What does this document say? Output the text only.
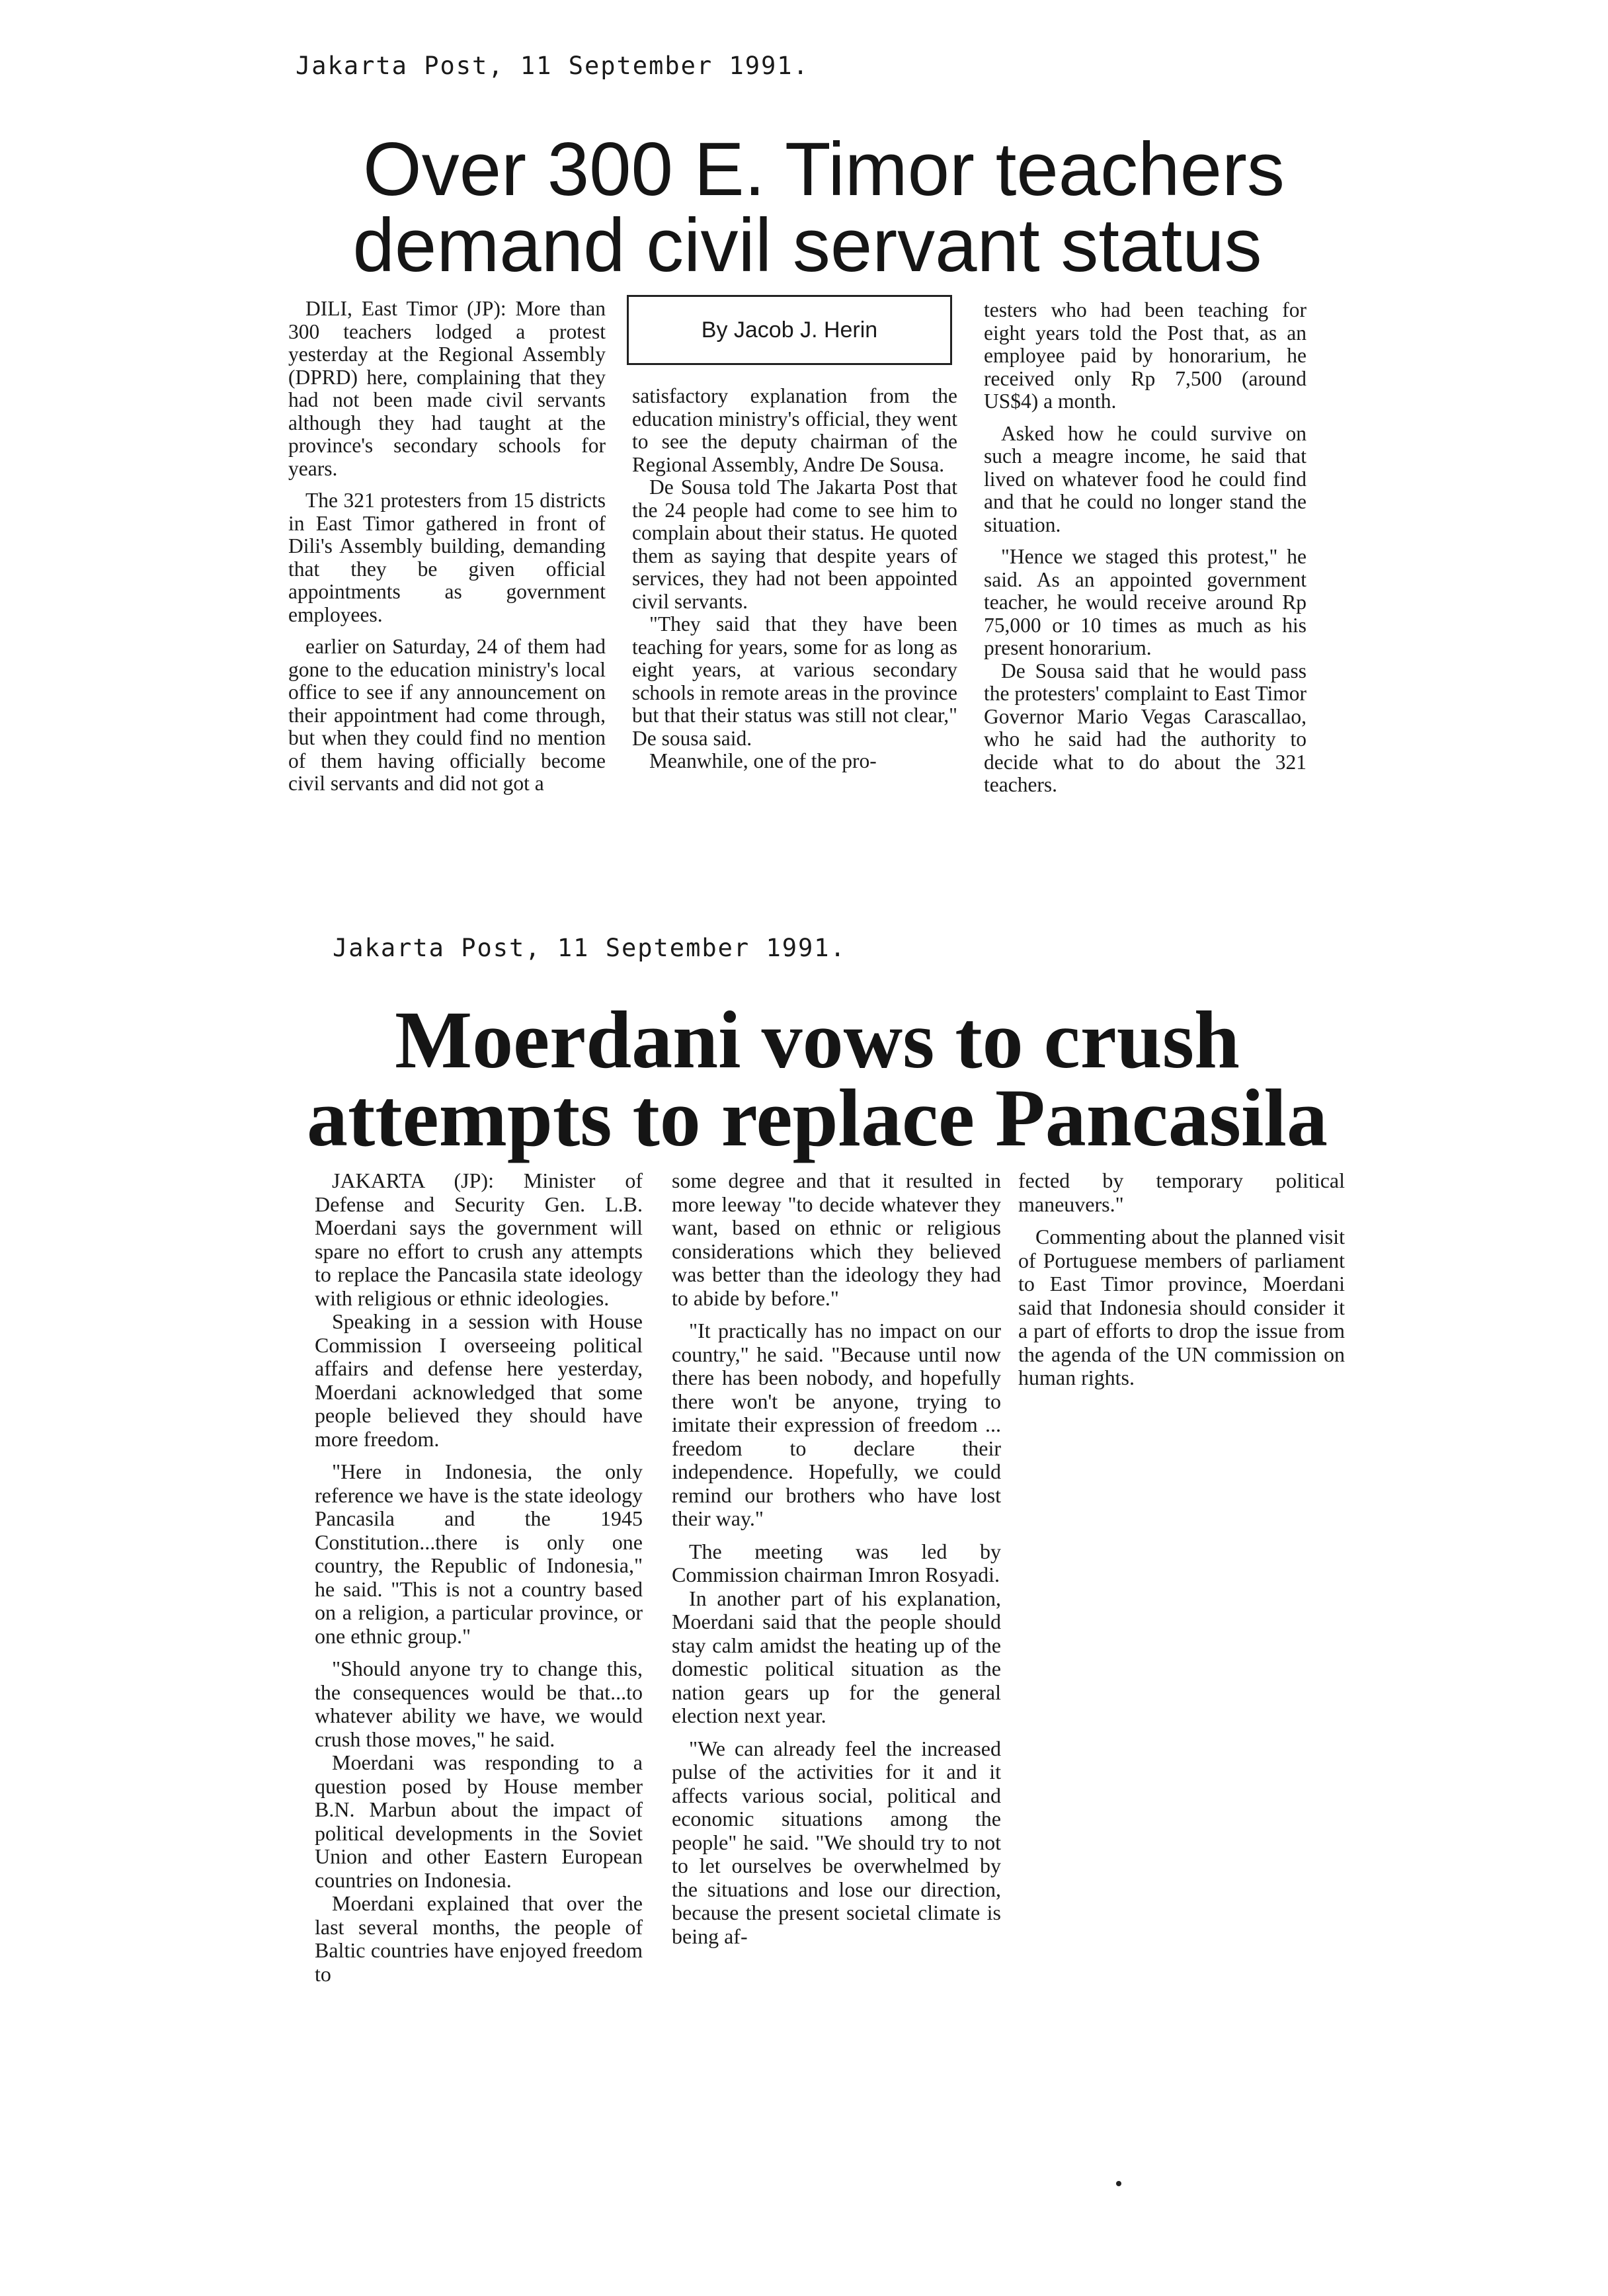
Jakarta Post, 11 September 1991.
Over 300 E. Timor teachers
demand civil servant status

DILI, East Timor (JP): More than 300 teachers lodged a protest yesterday at the Regional Assembly (DPRD) here, complaining that they had not been made civil servants although they had taught at the province's secondary schools for years.

The 321 protesters from 15 districts in East Timor gathered in front of Dili's Assembly building, demanding that they be given official appointments as government employees.

earlier on Saturday, 24 of them had gone to the education ministry's local office to see if any announcement on their appointment had come through, but when they could find no mention of them having officially become civil servants and did not got a

By Jacob J. Herin

satisfactory explanation from the education ministry's official, they went to see the deputy chairman of the Regional Assembly, Andre De Sousa.

De Sousa told The Jakarta Post that the 24 people had come to see him to complain about their status. He quoted them as saying that despite years of services, they had not been appointed civil servants.

"They said that they have been teaching for years, some for as long as eight years, at various secondary schools in remote areas in the province but that their status was still not clear," De sousa said.

Meanwhile, one of the pro-

testers who had been teaching for eight years told the Post that, as an employee paid by honorarium, he received only Rp 7,500 (around US$4) a month.

Asked how he could survive on such a meagre income, he said that lived on whatever food he could find and that he could no longer stand the situation.

"Hence we staged this protest," he said. As an appointed government teacher, he would receive around Rp 75,000 or 10 times as much as his present honorarium.

De Sousa said that he would pass the protesters' complaint to East Timor Governor Mario Vegas Carascallao, who he said had the authority to decide what to do about the 321 teachers.

Jakarta Post, 11 September 1991.
Moerdani vows to crush
attempts to replace Pancasila

JAKARTA (JP): Minister of Defense and Security Gen. L.B. Moerdani says the government will spare no effort to crush any attempts to replace the Pancasila state ideology with religious or ethnic ideologies.

Speaking in a session with House Commission I overseeing political affairs and defense here yesterday, Moerdani acknowledged that some people believed they should have more freedom.

"Here in Indonesia, the only reference we have is the state ideology Pancasila and the 1945 Constitution...there is only one country, the Republic of Indonesia," he said. "This is not a country based on a religion, a particular province, or one ethnic group."

"Should anyone try to change this, the consequences would be that...to whatever ability we have, we would crush those moves," he said.

Moerdani was responding to a question posed by House member B.N. Marbun about the impact of political developments in the Soviet Union and other Eastern European countries on Indonesia.

Moerdani explained that over the last several months, the people of Baltic countries have enjoyed freedom to

some degree and that it resulted in more leeway "to decide whatever they want, based on ethnic or religious considerations which they believed was better than the ideology they had to abide by before."

"It practically has no impact on our country," he said. "Because until now there has been nobody, and hopefully there won't be anyone, trying to imitate their expression of freedom ... freedom to declare their independence. Hopefully, we could remind our brothers who have lost their way."

The meeting was led by Commission chairman Imron Rosyadi.

In another part of his explanation, Moerdani said that the people should stay calm amidst the heating up of the domestic political situation as the nation gears up for the general election next year.

"We can already feel the increased pulse of the activities for it and it affects various social, political and economic situations among the people" he said. "We should try to not to let ourselves be overwhelmed by the situations and lose our direction, because the present societal climate is being af-

fected by temporary political maneuvers."

Commenting about the planned visit of Portuguese members of parliament to East Timor province, Moerdani said that Indonesia should consider it a part of efforts to drop the issue from the agenda of the UN commission on human rights.
